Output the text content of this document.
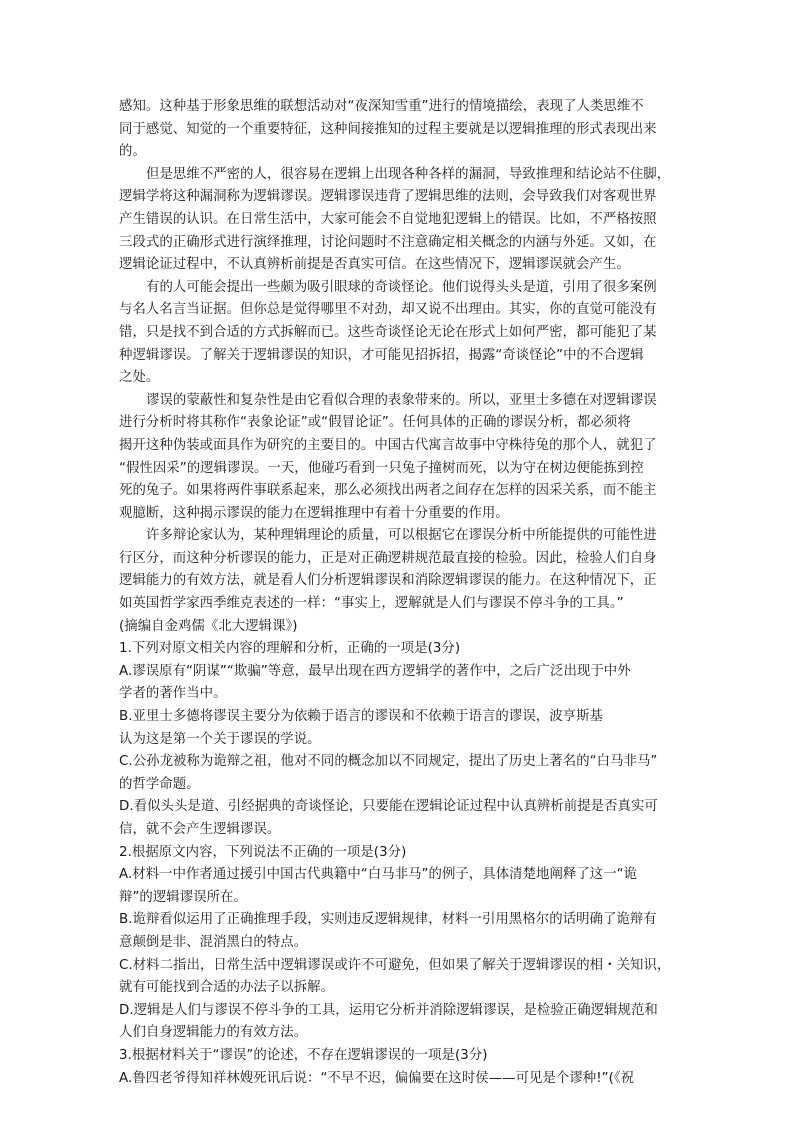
感知。这种基于形象思维的联想活动对“夜深知雪重”进行的情境描绘，表现了人类思维不
同于感觉、知觉的一个重要特征，这种间接推知的过程主要就是以逻辑推理的形式表现出来
的。
但是思维不严密的人，很容易在逻辑上出现各种各样的漏洞，导致推理和结论站不住脚，
逻辑学将这种漏洞称为逻辑谬误。逻辑谬误违背了逻辑思维的法则，会导致我们对客观世界
产生错误的认识。在日常生活中，大家可能会不自觉地犯逻辑上的错误。比如，不严格按照
三段式的正确形式进行演绎推理，讨论问题时不注意确定相关概念的内涵与外延。又如，在
逻辑论证过程中，不认真辨析前提是否真实可信。在这些情况下，逻辑谬误就会产生。
有的人可能会提出一些颇为吸引眼球的奇谈怪论。他们说得头头是道，引用了很多案例
与名人名言当证据。但你总是觉得哪里不对劲，却又说不出理由。其实，你的直觉可能没有
错，只是找不到合适的方式拆解而已。这些奇谈怪论无论在形式上如何严密，都可能犯了某
种逻辑谬误。了解关于逻辑谬误的知识，才可能见招拆招，揭露“奇谈怪论”中的不合逻辑
之处。
谬误的蒙蔽性和复杂性是由它看似合理的表象带来的。所以，亚里士多德在对逻辑谬误
进行分析时将其称作“表象论证”或“假冒论证”。任何具体的正确的谬误分析，都必须将
揭开这种伪装或面具作为研究的主要目的。中国古代寓言故事中守株待兔的那个人，就犯了
“假性因采”的逻辑谬误。一天，他碰巧看到一只兔子撞树而死，以为守在树边便能拣到控
死的兔子。如果将两件事联系起来，那么必须找出两者之间存在怎样的因采关系，而不能主
观臆断，这种揭示谬误的能力在逻辑推理中有着十分重要的作用。
许多辩论家认为，某种理辑理论的质量，可以根据它在谬误分析中所能提供的可能性进
行区分，而这种分析谬误的能力，正是对正确逻耕规范最直接的检验。因此，检验人们自身
逻辑能力的有效方法，就是看人们分析逻辑谬误和消除逻辑谬误的能力。在这种情况下，正
如英国哲学家西季维克表述的一样：“事实上，逻解就是人们与谬误不停斗争的工具。”
(摘编自金鸡儒《北大逻辑课》)
1.下列对原文相关内容的理解和分析，正确的一项是(3分)
A.谬误原有“阴谋”“欺骗”等意，最早出现在西方逻辑学的著作中，之后广泛出现于中外
学者的著作当中。
B.亚里士多德将谬误主要分为依赖于语言的谬误和不依赖于语言的谬误，波亨斯基
认为这是第一个关于谬误的学说。
C.公孙龙被称为诡辩之祖，他对不同的概念加以不同规定，提出了历史上著名的“白马非马”
的哲学命题。
D.看似头头是道、引经据典的奇谈怪论，只要能在逻辑论证过程中认真辨析前提是否真实可
信，就不会产生逻辑谬误。
2.根据原文内容，下列说法不正确的一项是(3分)
A.材料一中作者通过援引中国古代典籍中“白马非马”的例子，具体清楚地阐释了这一“诡
辩”的逻辑谬误所在。
B.诡辩看似运用了正确推理手段，实则违反逻辑规律，材料一引用黑格尔的话明确了诡辩有
意颠倒是非、混消黑白的特点。
C.材料二指出，日常生活中逻辑谬误或许不可避免，但如果了解关于逻辑谬误的相・关知识，
就有可能找到合适的办法子以拆解。
D.逻辑是人们与谬误不停斗争的工具，运用它分析并消除逻辑谬误，是检验正确逻辑规范和
人们自身逻辑能力的有效方法。
3.根据材料关于“谬误”的论述，不存在逻辑谬误的一项是(3分)
A.鲁四老爷得知祥林嫂死讯后说：“不早不迟，偏偏要在这时侯——可见是个谬种!”(《祝
